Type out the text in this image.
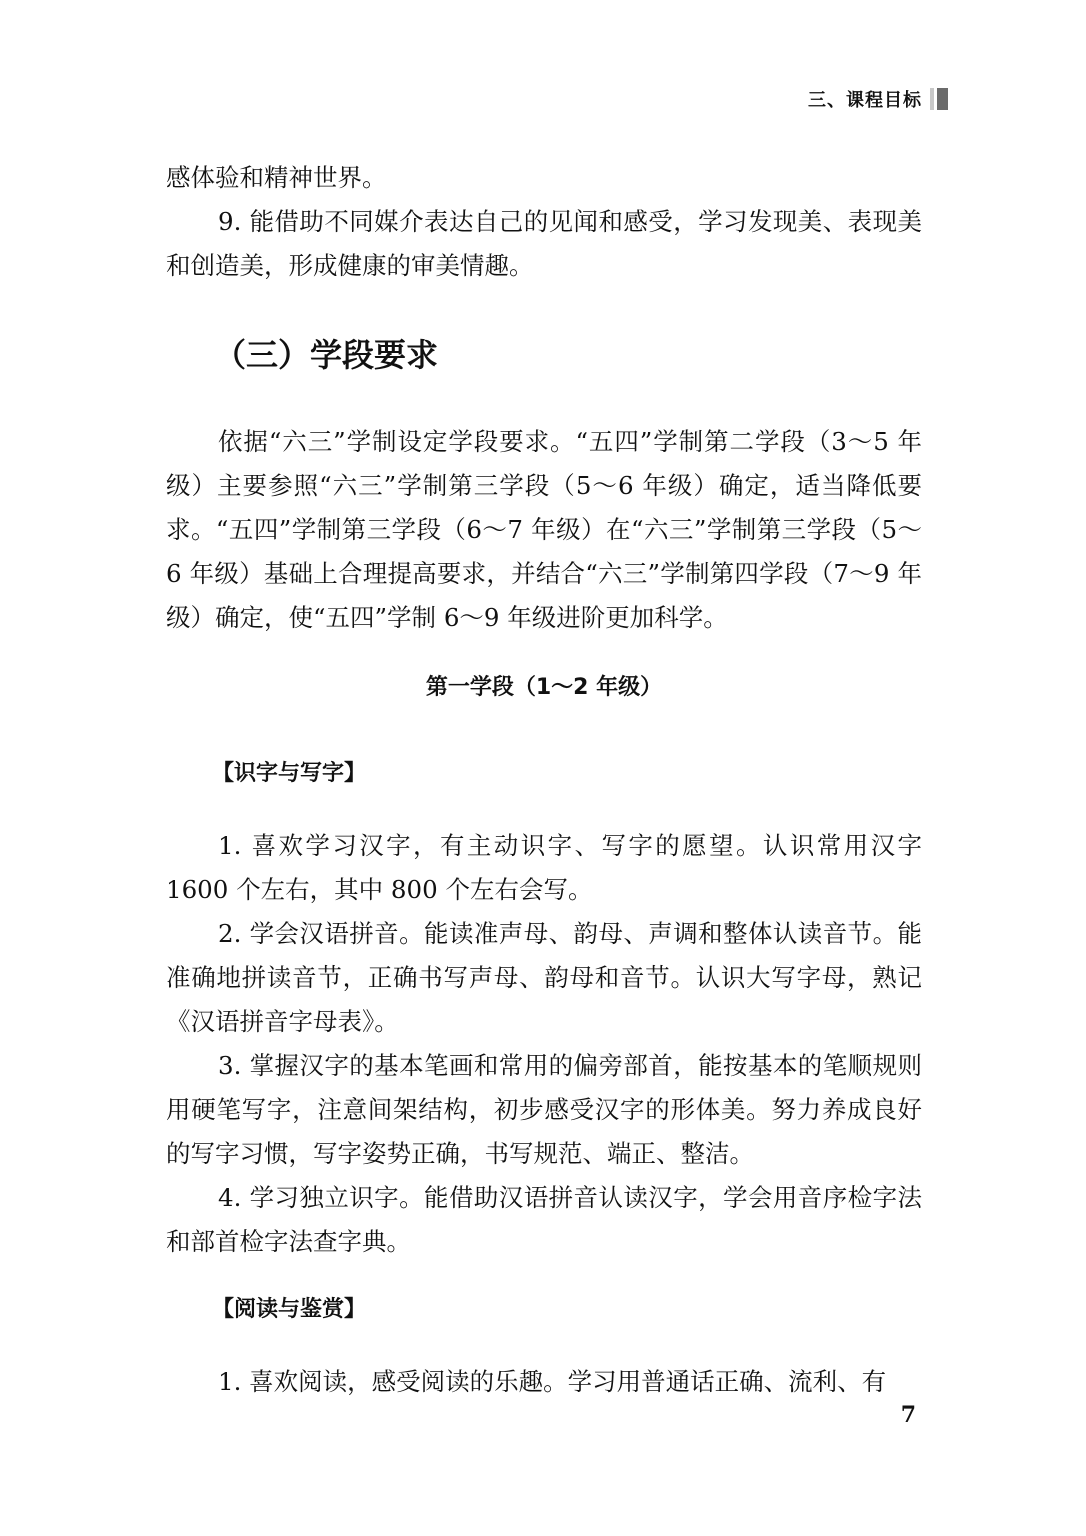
三、课程目标

感体验和精神世界。

9. 能借助不同媒介表达自己的见闻和感受，学习发现美、表现美和创造美，形成健康的审美情趣。

（三）学段要求

依据“六三”学制设定学段要求。“五四”学制第二学段（3～5 年级）主要参照“六三”学制第三学段（5～6 年级）确定，适当降低要求。“五四”学制第三学段（6～7 年级）在“六三”学制第三学段（5～6 年级）基础上合理提高要求，并结合“六三”学制第四学段（7～9 年级）确定，使“五四”学制 6～9 年级进阶更加科学。

第一学段（1～2 年级）
【识字与写字】

1. 喜欢学习汉字，有主动识字、写字的愿望。认识常用汉字 1600 个左右，其中 800 个左右会写。

2. 学会汉语拼音。能读准声母、韵母、声调和整体认读音节。能准确地拼读音节，正确书写声母、韵母和音节。认识大写字母，熟记《汉语拼音字母表》。

3. 掌握汉字的基本笔画和常用的偏旁部首，能按基本的笔顺规则用硬笔写字，注意间架结构，初步感受汉字的形体美。努力养成良好的写字习惯，写字姿势正确，书写规范、端正、整洁。

4. 学习独立识字。能借助汉语拼音认读汉字，学会用音序检字法和部首检字法查字典。

【阅读与鉴赏】

1. 喜欢阅读，感受阅读的乐趣。学习用普通话正确、流利、有

7
